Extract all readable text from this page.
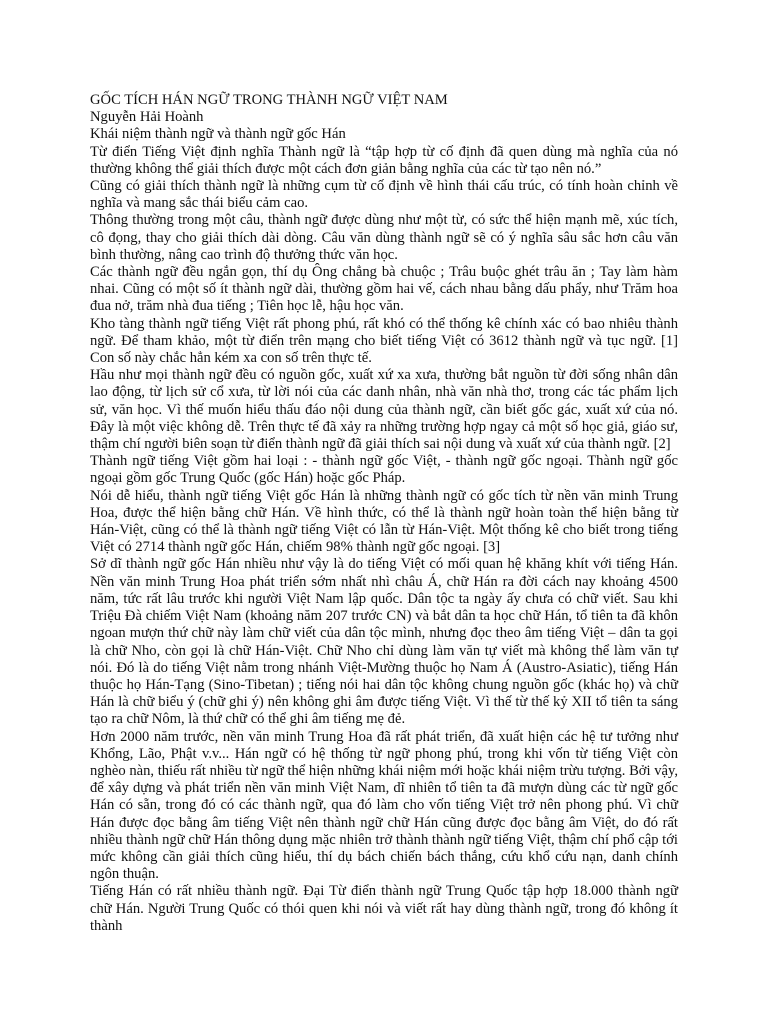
GỐC TÍCH HÁN NGỮ TRONG THÀNH NGỮ VIỆT NAM

Nguyễn Hải Hoành

Khái niệm thành ngữ và thành ngữ gốc Hán

Từ điển Tiếng Việt định nghĩa Thành ngữ là “tập hợp từ cố định đã quen dùng mà nghĩa của nó thường không thể giải thích được một cách đơn giản bằng nghĩa của các từ tạo nên nó.”

Cũng có giải thích thành ngữ là những cụm từ cố định về hình thái cấu trúc, có tính hoàn chỉnh về nghĩa và mang sắc thái biểu cảm cao.

Thông thường trong một câu, thành ngữ được dùng như một từ, có sức thể hiện mạnh mẽ, xúc tích, cô đọng, thay cho giải thích dài dòng. Câu văn dùng thành ngữ sẽ có ý nghĩa sâu sắc hơn câu văn bình thường, nâng cao trình độ thưởng thức văn học.

Các thành ngữ đều ngắn gọn, thí dụ Ông chẳng bà chuộc ; Trâu buộc ghét trâu ăn ; Tay làm hàm nhai. Cũng có một số ít thành ngữ dài, thường gồm hai vế, cách nhau bằng dấu phẩy, như Trăm hoa đua nở, trăm nhà đua tiếng ; Tiên học lễ, hậu học văn.

Kho tàng thành ngữ tiếng Việt rất phong phú, rất khó có thể thống kê chính xác có bao nhiêu thành ngữ. Để tham khảo, một từ điển trên mạng cho biết tiếng Việt có 3612 thành ngữ và tục ngữ. [1] Con số này chắc hẳn kém xa con số trên thực tế.

Hầu như mọi thành ngữ đều có nguồn gốc, xuất xứ xa xưa, thường bắt nguồn từ đời sống nhân dân lao động, từ lịch sử cổ xưa, từ lời nói của các danh nhân, nhà văn nhà thơ, trong các tác phẩm lịch sử, văn học. Vì thế muốn hiểu thấu đáo nội dung của thành ngữ, cần biết gốc gác, xuất xứ của nó. Đây là một việc không dễ. Trên thực tế đã xảy ra những trường hợp ngay cả một số học giả, giáo sư, thậm chí người biên soạn từ điển thành ngữ đã giải thích sai nội dung và xuất xứ của thành ngữ. [2]

Thành ngữ tiếng Việt gồm hai loại : - thành ngữ gốc Việt, - thành ngữ gốc ngoại. Thành ngữ gốc ngoại gồm gốc Trung Quốc (gốc Hán) hoặc gốc Pháp.

Nói dễ hiểu, thành ngữ tiếng Việt gốc Hán là những thành ngữ có gốc tích từ nền văn minh Trung Hoa, được thể hiện bằng chữ Hán. Về hình thức, có thể là thành ngữ hoàn toàn thể hiện bằng từ Hán-Việt, cũng có thể là thành ngữ tiếng Việt có lẫn từ Hán-Việt. Một thống kê cho biết trong tiếng Việt có 2714 thành ngữ gốc Hán, chiếm 98% thành ngữ gốc ngoại. [3]

Sở dĩ thành ngữ gốc Hán nhiều như vậy là do tiếng Việt có mối quan hệ khăng khít với tiếng Hán. Nền văn minh Trung Hoa phát triển sớm nhất nhì châu Á, chữ Hán ra đời cách nay khoảng 4500 năm, tức rất lâu trước khi người Việt Nam lập quốc. Dân tộc ta ngày ấy chưa có chữ viết. Sau khi Triệu Đà chiếm Việt Nam (khoảng năm 207 trước CN) và bắt dân ta học chữ Hán, tổ tiên ta đã khôn ngoan mượn thứ chữ này làm chữ viết của dân tộc mình, nhưng đọc theo âm tiếng Việt – dân ta gọi là chữ Nho, còn gọi là chữ Hán-Việt. Chữ Nho chỉ dùng làm văn tự viết mà không thể làm văn tự nói. Đó là do tiếng Việt nằm trong nhánh Việt-Mường thuộc họ Nam Á (Austro-Asiatic), tiếng Hán thuộc họ Hán-Tạng (Sino-Tibetan) ; tiếng nói hai dân tộc không chung nguồn gốc (khác họ) và chữ Hán là chữ biểu ý (chữ ghi ý) nên không ghi âm được tiếng Việt. Vì thế từ thế kỷ XII tổ tiên ta sáng tạo ra chữ Nôm, là thứ chữ có thể ghi âm tiếng mẹ đẻ.

Hơn 2000 năm trước, nền văn minh Trung Hoa đã rất phát triển, đã xuất hiện các hệ tư tưởng như Khổng, Lão, Phật v.v... Hán ngữ có hệ thống từ ngữ phong phú, trong khi vốn từ tiếng Việt còn nghèo nàn, thiếu rất nhiều từ ngữ thể hiện những khái niệm mới hoặc khái niệm trừu tượng. Bởi vậy, để xây dựng và phát triển nền văn minh Việt Nam, dĩ nhiên tổ tiên ta đã mượn dùng các từ ngữ gốc Hán có sẵn, trong đó có các thành ngữ, qua đó làm cho vốn tiếng Việt trở nên phong phú. Vì chữ Hán được đọc bằng âm tiếng Việt nên thành ngữ chữ Hán cũng được đọc bằng âm Việt, do đó rất nhiều thành ngữ chữ Hán thông dụng mặc nhiên trở thành thành ngữ tiếng Việt, thậm chí phổ cập tới mức không cần giải thích cũng hiểu, thí dụ bách chiến bách thắng, cứu khổ cứu nạn, danh chính ngôn thuận.

Tiếng Hán có rất nhiều thành ngữ. Đại Từ điển thành ngữ Trung Quốc tập hợp 18.000 thành ngữ chữ Hán. Người Trung Quốc có thói quen khi nói và viết rất hay dùng thành ngữ, trong đó không ít thành
